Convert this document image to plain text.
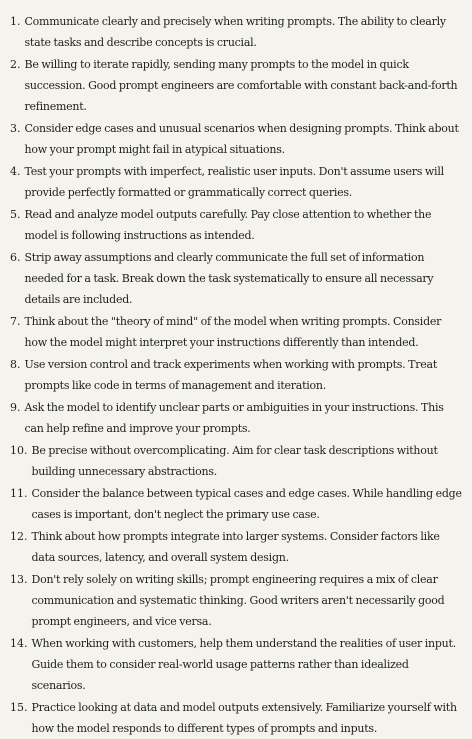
1. Communicate clearly and precisely when writing prompts. The ability to clearly state tasks and describe concepts is crucial.
2. Be willing to iterate rapidly, sending many prompts to the model in quick succession. Good prompt engineers are comfortable with constant back-and-forth refinement.
3. Consider edge cases and unusual scenarios when designing prompts. Think about how your prompt might fail in atypical situations.
4. Test your prompts with imperfect, realistic user inputs. Don't assume users will provide perfectly formatted or grammatically correct queries.
5. Read and analyze model outputs carefully. Pay close attention to whether the model is following instructions as intended.
6. Strip away assumptions and clearly communicate the full set of information needed for a task. Break down the task systematically to ensure all necessary details are included.
7. Think about the "theory of mind" of the model when writing prompts. Consider how the model might interpret your instructions differently than intended.
8. Use version control and track experiments when working with prompts. Treat prompts like code in terms of management and iteration.
9. Ask the model to identify unclear parts or ambiguities in your instructions. This can help refine and improve your prompts.
10. Be precise without overcomplicating. Aim for clear task descriptions without building unnecessary abstractions.
11. Consider the balance between typical cases and edge cases. While handling edge cases is important, don't neglect the primary use case.
12. Think about how prompts integrate into larger systems. Consider factors like data sources, latency, and overall system design.
13. Don't rely solely on writing skills; prompt engineering requires a mix of clear communication and systematic thinking. Good writers aren't necessarily good prompt engineers, and vice versa.
14. When working with customers, help them understand the realities of user input. Guide them to consider real-world usage patterns rather than idealized scenarios.
15. Practice looking at data and model outputs extensively. Familiarize yourself with how the model responds to different types of prompts and inputs.
